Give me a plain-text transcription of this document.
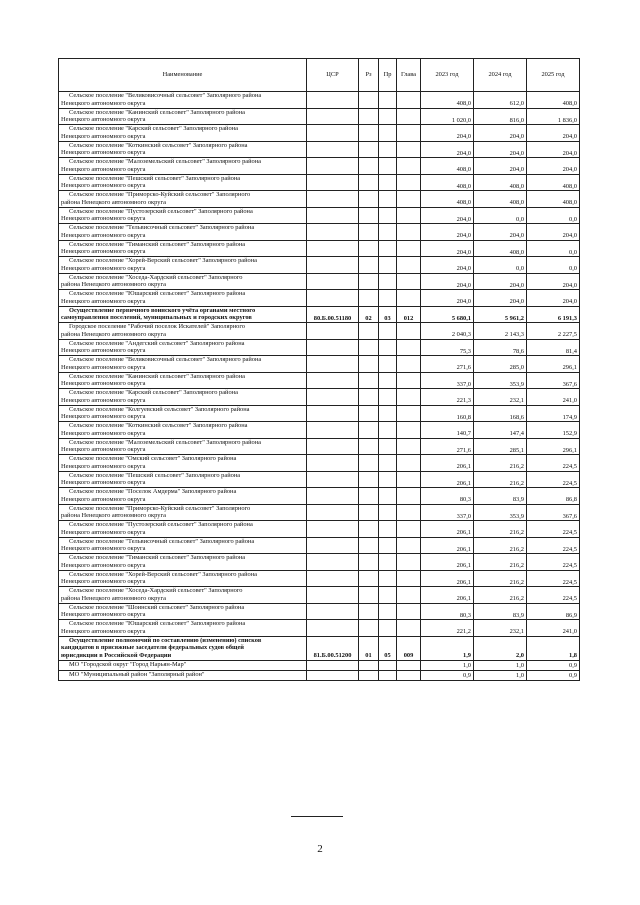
Наименование	ЦСР	Рз	Пр	Глава	2023 год	2024 год	2025 год

Сельское поселение "Великовисочный сельсовет" Заполярного района
Ненецкого автономного округа					408,0	612,0	408,0

Сельское поселение "Канинский сельсовет" Заполярного района
Ненецкого автономного округа					1 020,0	816,0	1 836,0

Сельское поселение "Карский сельсовет" Заполярного района
Ненецкого автономного округа					204,0	204,0	204,0

Сельское поселение "Коткинский сельсовет" Заполярного района
Ненецкого автономного округа					204,0	204,0	204,0

Сельское поселение "Малоземельский сельсовет" Заполярного района
Ненецкого автономного округа					408,0	204,0	204,0

Сельское поселение "Пешский сельсовет" Заполярного района
Ненецкого автономного округа					408,0	408,0	408,0

Сельское поселение "Приморско-Куйский сельсовет" Заполярного
района Ненецкого автономного округа					408,0	408,0	408,0

Сельское поселение "Пустозерский сельсовет" Заполярного района
Ненецкого автономного округа					204,0	0,0	0,0

Сельское поселение "Тельвисочный сельсовет" Заполярного района
Ненецкого автономного округа					204,0	204,0	204,0

Сельское поселение "Тиманский сельсовет" Заполярного района
Ненецкого автономного округа					204,0	408,0	0,0

Сельское поселение "Хорей-Верский сельсовет" Заполярного района
Ненецкого автономного округа					204,0	0,0	0,0

Сельское поселение "Хоседа-Хардский сельсовет" Заполярного
района Ненецкого автономного округа					204,0	204,0	204,0

Сельское поселение "Юшарский сельсовет" Заполярного района
Ненецкого автономного округа					204,0	204,0	204,0

Осуществление первичного воинского учёта органами местного
самоуправления поселений, муниципальных и городских округов	80.Б.00.51180	02	03	012	5 680,1	5 961,2	6 191,3

Городское поселение "Рабочий поселок Искателей" Заполярного
района Ненецкого автономного округа					2 040,3	2 143,3	2 227,5

Сельское поселение "Андегский сельсовет" Заполярного района
Ненецкого автономного округа					75,3	78,6	81,4

Сельское поселение "Великовисочный сельсовет" Заполярного района
Ненецкого автономного округа					271,6	285,0	296,1

Сельское поселение "Канинский сельсовет" Заполярного района
Ненецкого автономного округа					337,0	353,9	367,6

Сельское поселение "Карский сельсовет" Заполярного района
Ненецкого автономного округа					221,3	232,1	241,0

Сельское поселение "Колгуевский сельсовет" Заполярного района
Ненецкого автономного округа					160,8	168,6	174,9

Сельское поселение "Коткинский сельсовет" Заполярного района
Ненецкого автономного округа					140,7	147,4	152,9

Сельское поселение "Малоземельский сельсовет" Заполярного района
Ненецкого автономного округа					271,6	285,1	296,1

Сельское поселение "Омский сельсовет" Заполярного района
Ненецкого автономного округа					206,1	216,2	224,5

Сельское поселение "Пешский сельсовет" Заполярного района
Ненецкого автономного округа					206,1	216,2	224,5

Сельское поселение "Поселок Амдерма" Заполярного района
Ненецкого автономного округа					80,3	83,9	86,8

Сельское поселение "Приморско-Куйский сельсовет" Заполярного
района Ненецкого автономного округа					337,0	353,9	367,6

Сельское поселение "Пустозерский сельсовет" Заполярного района
Ненецкого автономного округа					206,1	216,2	224,5

Сельское поселение "Тельвисочный сельсовет" Заполярного района
Ненецкого автономного округа					206,1	216,2	224,5

Сельское поселение "Тиманский сельсовет" Заполярного района
Ненецкого автономного округа					206,1	216,2	224,5

Сельское поселение "Хорей-Верский сельсовет" Заполярного района
Ненецкого автономного округа					206,1	216,2	224,5

Сельское поселение "Хоседа-Хардский сельсовет" Заполярного
района Ненецкого автономного округа					206,1	216,2	224,5

Сельское поселение "Шоинский сельсовет" Заполярного района
Ненецкого автономного округа					80,3	83,9	86,9

Сельское поселение "Юшарский сельсовет" Заполярного района
Ненецкого автономного округа					221,2	232,1	241,0

Осуществление полномочий по составлению (изменению) списков
кандидатов в присяжные заседатели федеральных судов общей
юрисдикции в Российской Федерации	81.Б.00.51200	01	05	009	1,9	2,0	1,8

МО "Городской округ "Город Нарьян-Мар"					1,0	1,0	0,9

МО "Муниципальный район "Заполярный район"					0,9	1,0	0,9
2
